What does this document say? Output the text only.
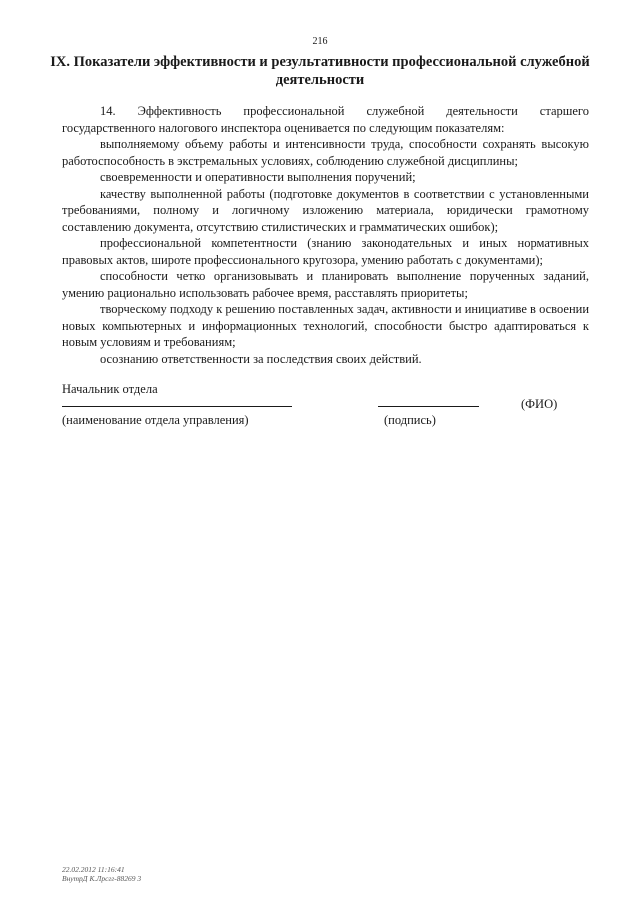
216
IX. Показатели эффективности и результативности профессиональной служебной деятельности

14. Эффективность профессиональной служебной деятельности старшего государственного налогового инспектора оценивается по следующим показателям:

выполняемому объему работы и интенсивности труда, способности сохранять высокую работоспособность в экстремальных условиях, соблюдению служебной дисциплины;

своевременности и оперативности выполнения поручений;

качеству выполненной работы (подготовке документов в соответствии с установленными требованиями, полному и логичному изложению материала, юридически грамотному составлению документа, отсутствию стилистических и грамматических ошибок);

профессиональной компетентности (знанию законодательных и иных нормативных правовых актов, широте профессионального кругозора, умению работать с документами);

способности четко организовывать и планировать выполнение порученных заданий, умению рационально использовать рабочее время, расставлять приоритеты;

творческому подходу к решению поставленных задач, активности и инициативе в освоении новых компьютерных и информационных технологий, способности быстро адаптироваться к новым условиям и требованиям;

осознанию ответственности за последствия своих действий.

Начальник отдела
(ФИО)
(наименование отдела управления)	(подпись)
22.02.2012 11:16:41
ВнутрД К.Лрсгг-88269 3
